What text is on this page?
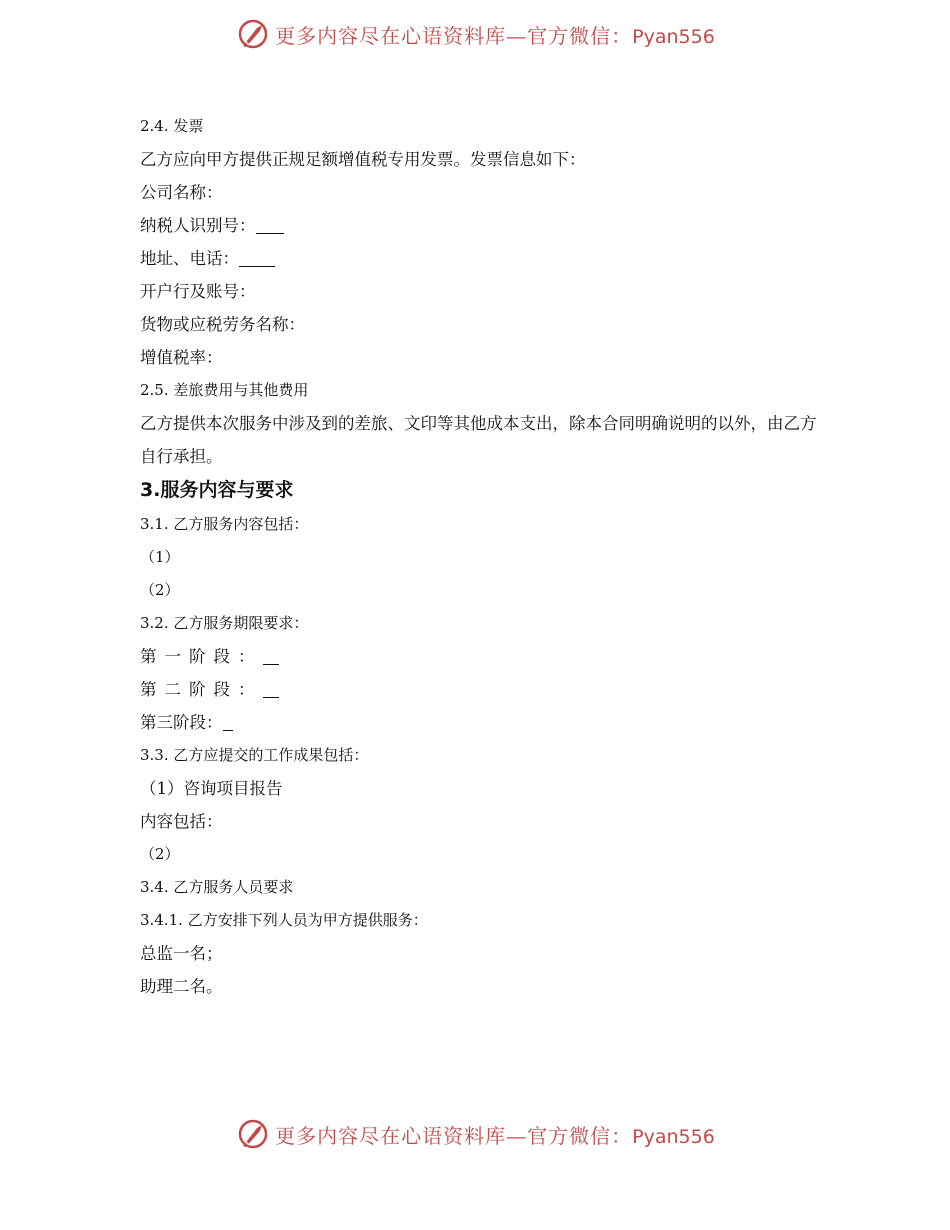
更多内容尽在心语资料库—官方微信：Pyan556
2.4. 发票
乙方应向甲方提供正规足额增值税专用发票。发票信息如下：
公司名称：
纳税人识别号：
地址、电话：
开户行及账号：
货物或应税劳务名称：
增值税率：
2.5. 差旅费用与其他费用
乙方提供本次服务中涉及到的差旅、文印等其他成本支出，除本合同明确说明的以外，由乙方自行承担。
3.服务内容与要求
3.1. 乙方服务内容包括：
（1）
（2）
3.2. 乙方服务期限要求：
第一阶段：
第二阶段：
第三阶段：
3.3. 乙方应提交的工作成果包括：
（1）咨询项目报告
内容包括：
（2）
3.4. 乙方服务人员要求
3.4.1. 乙方安排下列人员为甲方提供服务：
总监一名；
助理二名。
更多内容尽在心语资料库—官方微信：Pyan556
